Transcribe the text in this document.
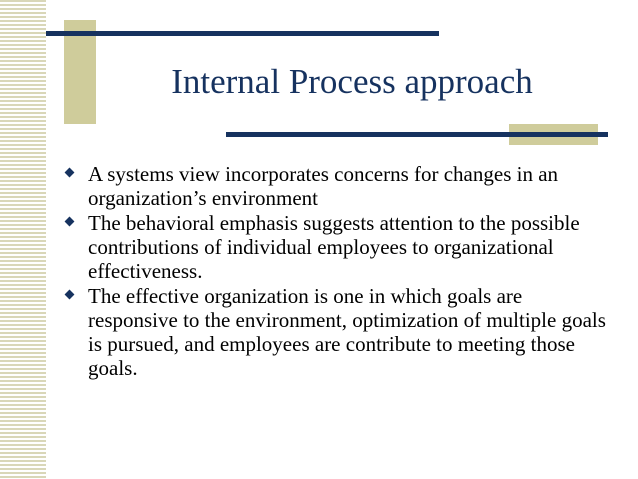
Internal Process approach
A systems view incorporates concerns for changes in an organization’s environment
The behavioral emphasis suggests attention to the possible contributions of individual employees to organizational effectiveness.
The effective organization is one in which goals are responsive to the environment, optimization of multiple goals is pursued, and employees are contribute to meeting those goals.
